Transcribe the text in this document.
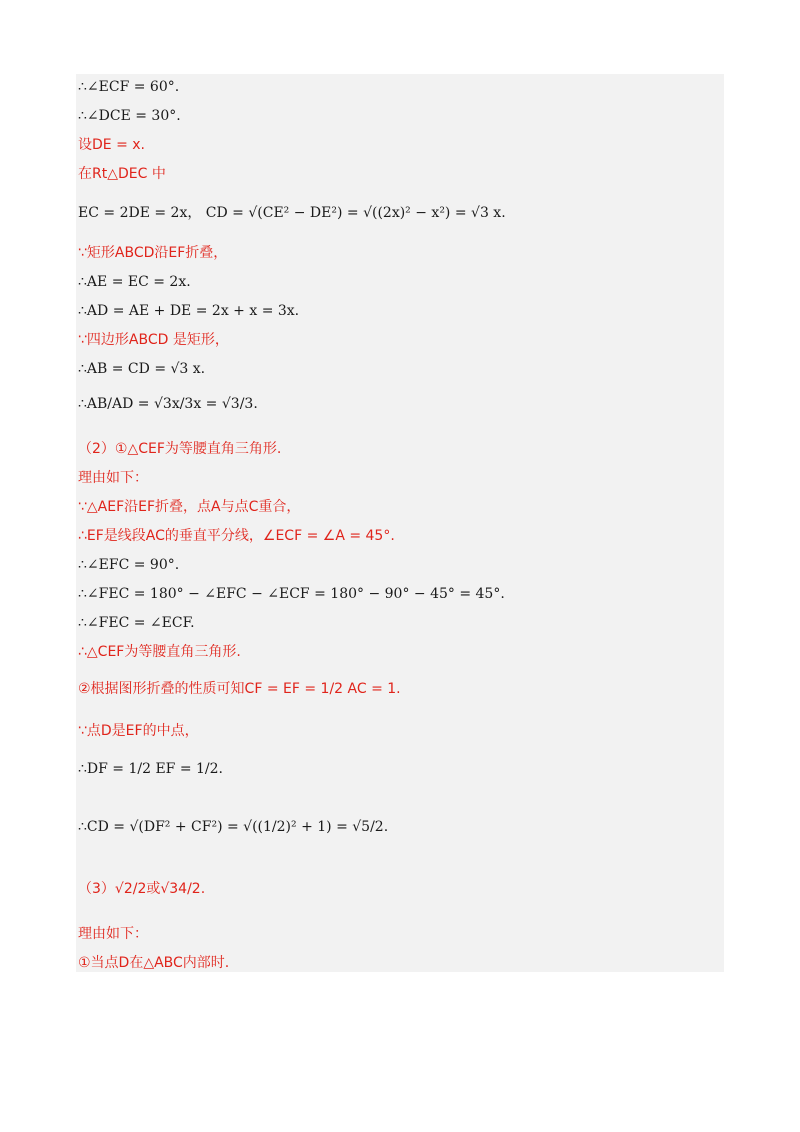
∴∠ECF = 60°.
∴∠DCE = 30°.
设DE = x.
在Rt△DEC 中
EC = 2DE = 2x， CD = √(CE² − DE²) = √((2x)² − x²) = √3 x.
∵矩形ABCD沿EF折叠，
∴AE = EC = 2x.
∴AD = AE + DE = 2x + x = 3x.
∵四边形ABCD 是矩形，
∴AB = CD = √3 x.
∴AB/AD = √3x/3x = √3/3.
（2）①△CEF为等腰直角三角形.
理由如下：
∵△AEF沿EF折叠，点A与点C重合，
∴EF是线段AC的垂直平分线，∠ECF = ∠A = 45°.
∴∠EFC = 90°.
∴∠FEC = 180° − ∠EFC − ∠ECF = 180° − 90° − 45° = 45°.
∴∠FEC = ∠ECF.
∴△CEF为等腰直角三角形.
②根据图形折叠的性质可知CF = EF = 1/2 AC = 1.
∵点D是EF的中点，
∴DF = 1/2 EF = 1/2.
∴CD = √(DF² + CF²) = √((1/2)² + 1) = √5/2.
（3）√2/2或√34/2.
理由如下：
①当点D在△ABC内部时.
